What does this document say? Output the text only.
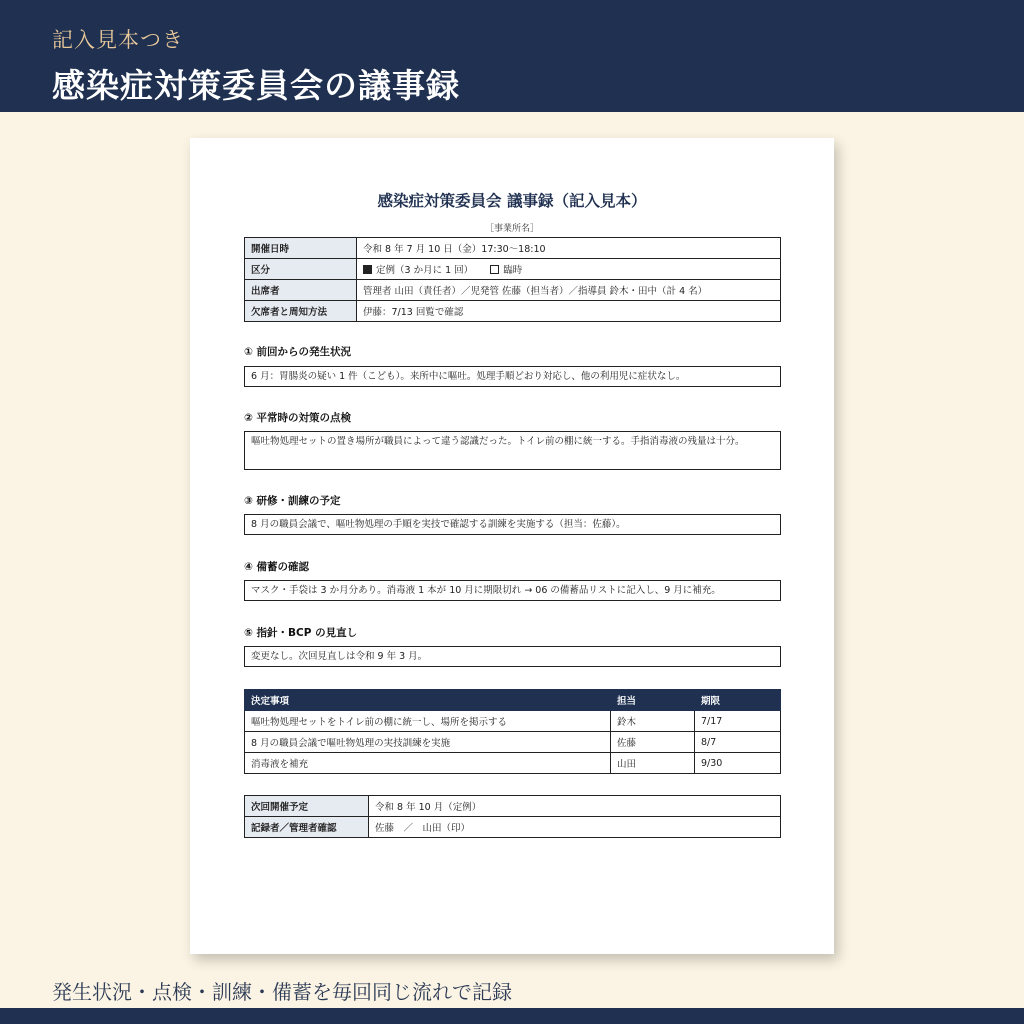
記入見本つき
感染症対策委員会の議事録
感染症対策委員会 議事録（記入見本）
［事業所名］
開催日時	令和 8 年 7 月 10 日（金）17:30〜18:10
区分	定例（3 か月に 1 回） 臨時
出席者	管理者 山田（責任者）／児発管 佐藤（担当者）／指導員 鈴木・田中（計 4 名）
欠席者と周知方法	伊藤：7/13 回覧で確認
① 前回からの発生状況
6 月：胃腸炎の疑い 1 件（こども）。来所中に嘔吐。処理手順どおり対応し、他の利用児に症状なし。
② 平常時の対策の点検
嘔吐物処理セットの置き場所が職員によって違う認識だった。トイレ前の棚に統一する。手指消毒液の残量は十分。
③ 研修・訓練の予定
8 月の職員会議で、嘔吐物処理の手順を実技で確認する訓練を実施する（担当：佐藤）。
④ 備蓄の確認
マスク・手袋は 3 か月分あり。消毒液 1 本が 10 月に期限切れ → 06 の備蓄品リストに記入し、9 月に補充。
⑤ 指針・BCP の見直し
変更なし。次回見直しは令和 9 年 3 月。
決定事項	担当	期限
嘔吐物処理セットをトイレ前の棚に統一し、場所を掲示する	鈴木	7/17
8 月の職員会議で嘔吐物処理の実技訓練を実施	佐藤	8/7
消毒液を補充	山田	9/30
次回開催予定	令和 8 年 10 月（定例）
記録者／管理者確認	佐藤　／　山田（印）
発生状況・点検・訓練・備蓄を毎回同じ流れで記録
